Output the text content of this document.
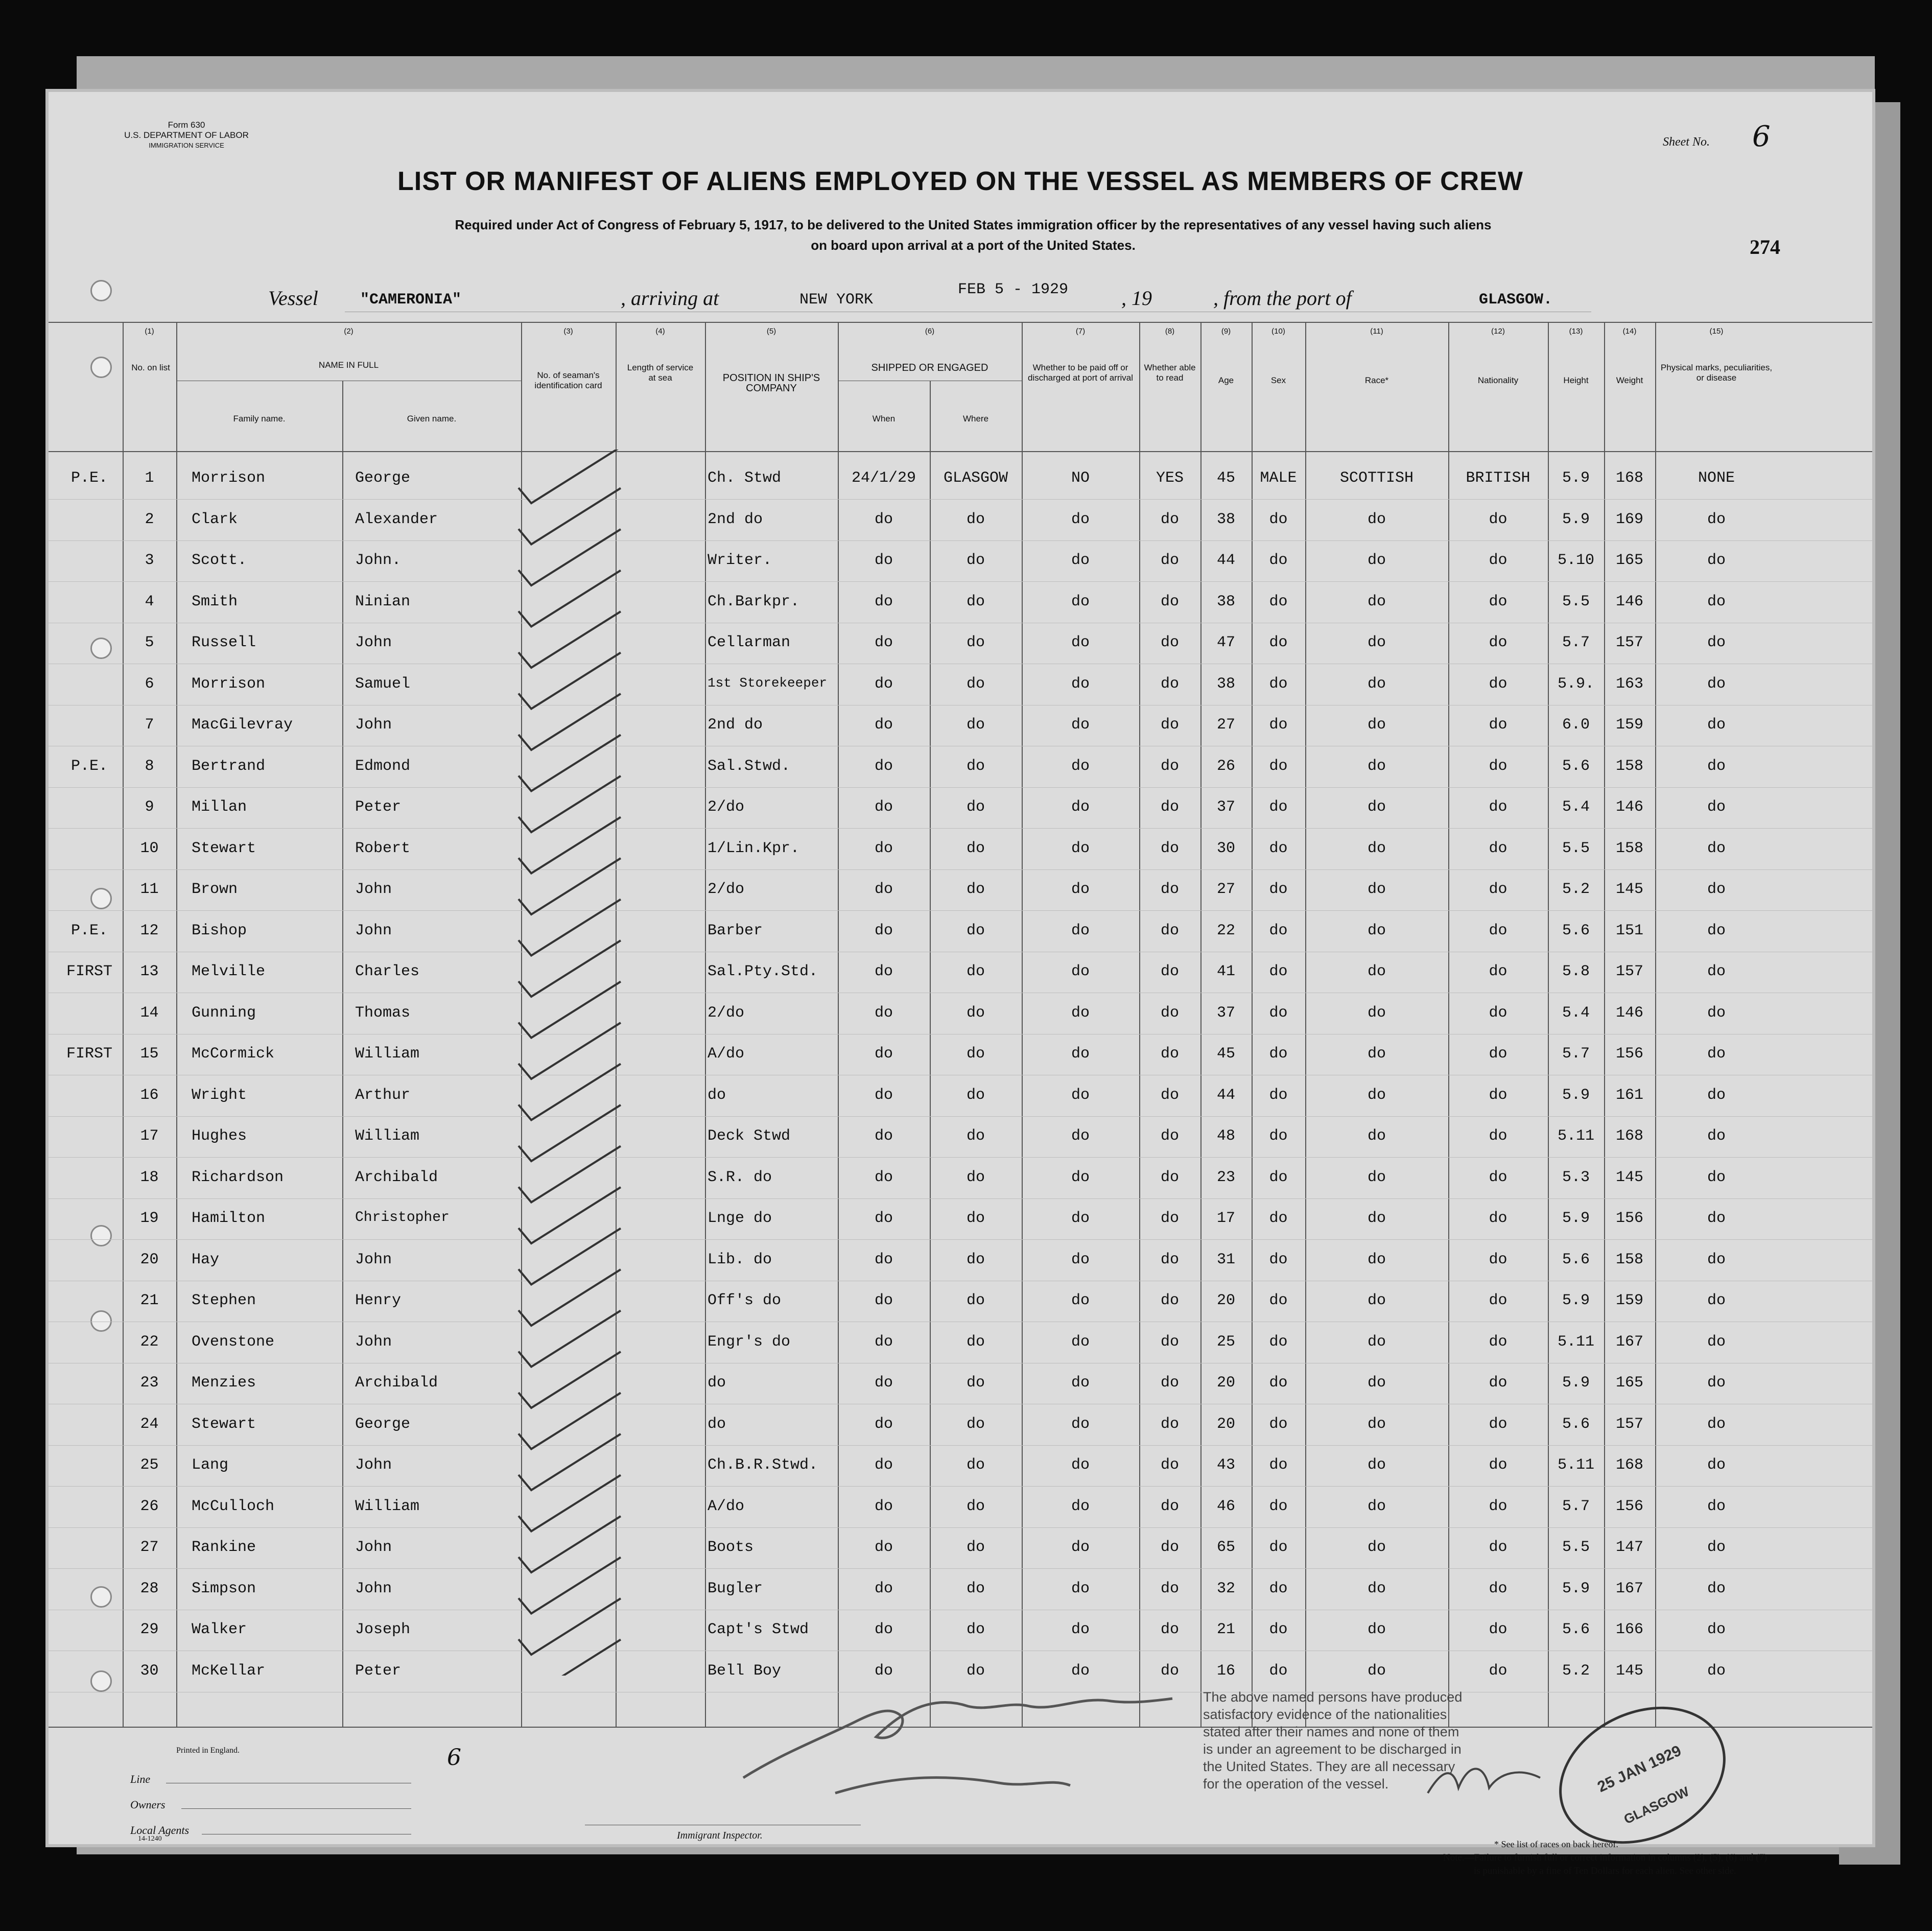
Form 630
U.S. DEPARTMENT OF LABOR
IMMIGRATION SERVICE	Sheet No. 6
274
LIST OR MANIFEST OF ALIENS EMPLOYED ON THE VESSEL AS MEMBERS OF CREW
Required under Act of Congress of February 5, 1917, to be delivered to the United States immigration officer by the representatives of any vessel having such aliens
on board upon arrival at a port of the United States.
Vessel	"CAMERONIA"	, arriving at	NEW YORK
FEB 5 - 1929	, 19	, from the port of	GLASGOW.
(1)
No. on list
(2)
NAME IN FULL
Family name.	Given name.
(3)
No. of seaman's identification card
(4)
Length of service at sea
(5)
POSITION IN SHIP'S COMPANY
(6)
SHIPPED OR ENGAGED
When	Where
(7)
Whether to be paid off or discharged at port of arrival
(8)
Whether able to read
(9)
Age
(10)
Sex
(11)
Race*
(12)
Nationality
(13)
Height
(14)
Weight
(15)
Physical marks, peculiarities, or disease
P.E.	1	Morrison	George	Ch. Stwd	24/1/29	GLASGOW	NO	YES	45	MALE	SCOTTISH	BRITISH	5.9	168	NONE
2	Clark	Alexander	2nd do	do	do	do	do	38	do	do	do	5.9	169	do
3	Scott.	John.	Writer.	do	do	do	do	44	do	do	do	5.10	165	do
4	Smith	Ninian	Ch.Barkpr.	do	do	do	do	38	do	do	do	5.5	146	do
5	Russell	John	Cellarman	do	do	do	do	47	do	do	do	5.7	157	do
6	Morrison	Samuel	1st Storekeeper	do	do	do	do	38	do	do	do	5.9.	163	do
7	MacGilevray	John	2nd do	do	do	do	do	27	do	do	do	6.0	159	do
P.E.	8	Bertrand	Edmond	Sal.Stwd.	do	do	do	do	26	do	do	do	5.6	158	do
9	Millan	Peter	2/do	do	do	do	do	37	do	do	do	5.4	146	do
10	Stewart	Robert	1/Lin.Kpr.	do	do	do	do	30	do	do	do	5.5	158	do
11	Brown	John	2/do	do	do	do	do	27	do	do	do	5.2	145	do
P.E.	12	Bishop	John	Barber	do	do	do	do	22	do	do	do	5.6	151	do
FIRST	13	Melville	Charles	Sal.Pty.Std.	do	do	do	do	41	do	do	do	5.8	157	do
14	Gunning	Thomas	2/do	do	do	do	do	37	do	do	do	5.4	146	do
FIRST	15	McCormick	William	A/do	do	do	do	do	45	do	do	do	5.7	156	do
16	Wright	Arthur	do	do	do	do	do	44	do	do	do	5.9	161	do
17	Hughes	William	Deck Stwd	do	do	do	do	48	do	do	do	5.11	168	do
18	Richardson	Archibald	S.R. do	do	do	do	do	23	do	do	do	5.3	145	do
19	Hamilton	Christopher	Lnge do	do	do	do	do	17	do	do	do	5.9	156	do
20	Hay	John	Lib. do	do	do	do	do	31	do	do	do	5.6	158	do
21	Stephen	Henry	Off's do	do	do	do	do	20	do	do	do	5.9	159	do
22	Ovenstone	John	Engr's do	do	do	do	do	25	do	do	do	5.11	167	do
23	Menzies	Archibald	do	do	do	do	do	20	do	do	do	5.9	165	do
24	Stewart	George	do	do	do	do	do	20	do	do	do	5.6	157	do
25	Lang	John	Ch.B.R.Stwd.	do	do	do	do	43	do	do	do	5.11	168	do
26	McCulloch	William	A/do	do	do	do	do	46	do	do	do	5.7	156	do
27	Rankine	John	Boots	do	do	do	do	65	do	do	do	5.5	147	do
28	Simpson	John	Bugler	do	do	do	do	32	do	do	do	5.9	167	do
29	Walker	Joseph	Capt's Stwd	do	do	do	do	21	do	do	do	5.6	166	do
30	McKellar	Peter	Bell Boy	do	do	do	do	16	do	do	do	5.2	145	do
Printed in England.	6
Line
Owners
Local Agents
14-1240	Immigrant Inspector.
The above named persons have produced satisfactory evidence of the nationalities stated after their names and none of them is under an agreement to be discharged in the United States. They are all necessary for the operation of the vessel.	25 JAN 1929
GLASGOW
* See list of races on back hereof.
Note.—Failure to furnish full or correct information in columns (2), (5), (6) and (7)
is punishable by a fine of Ten Dollars for each alien. See other side.
